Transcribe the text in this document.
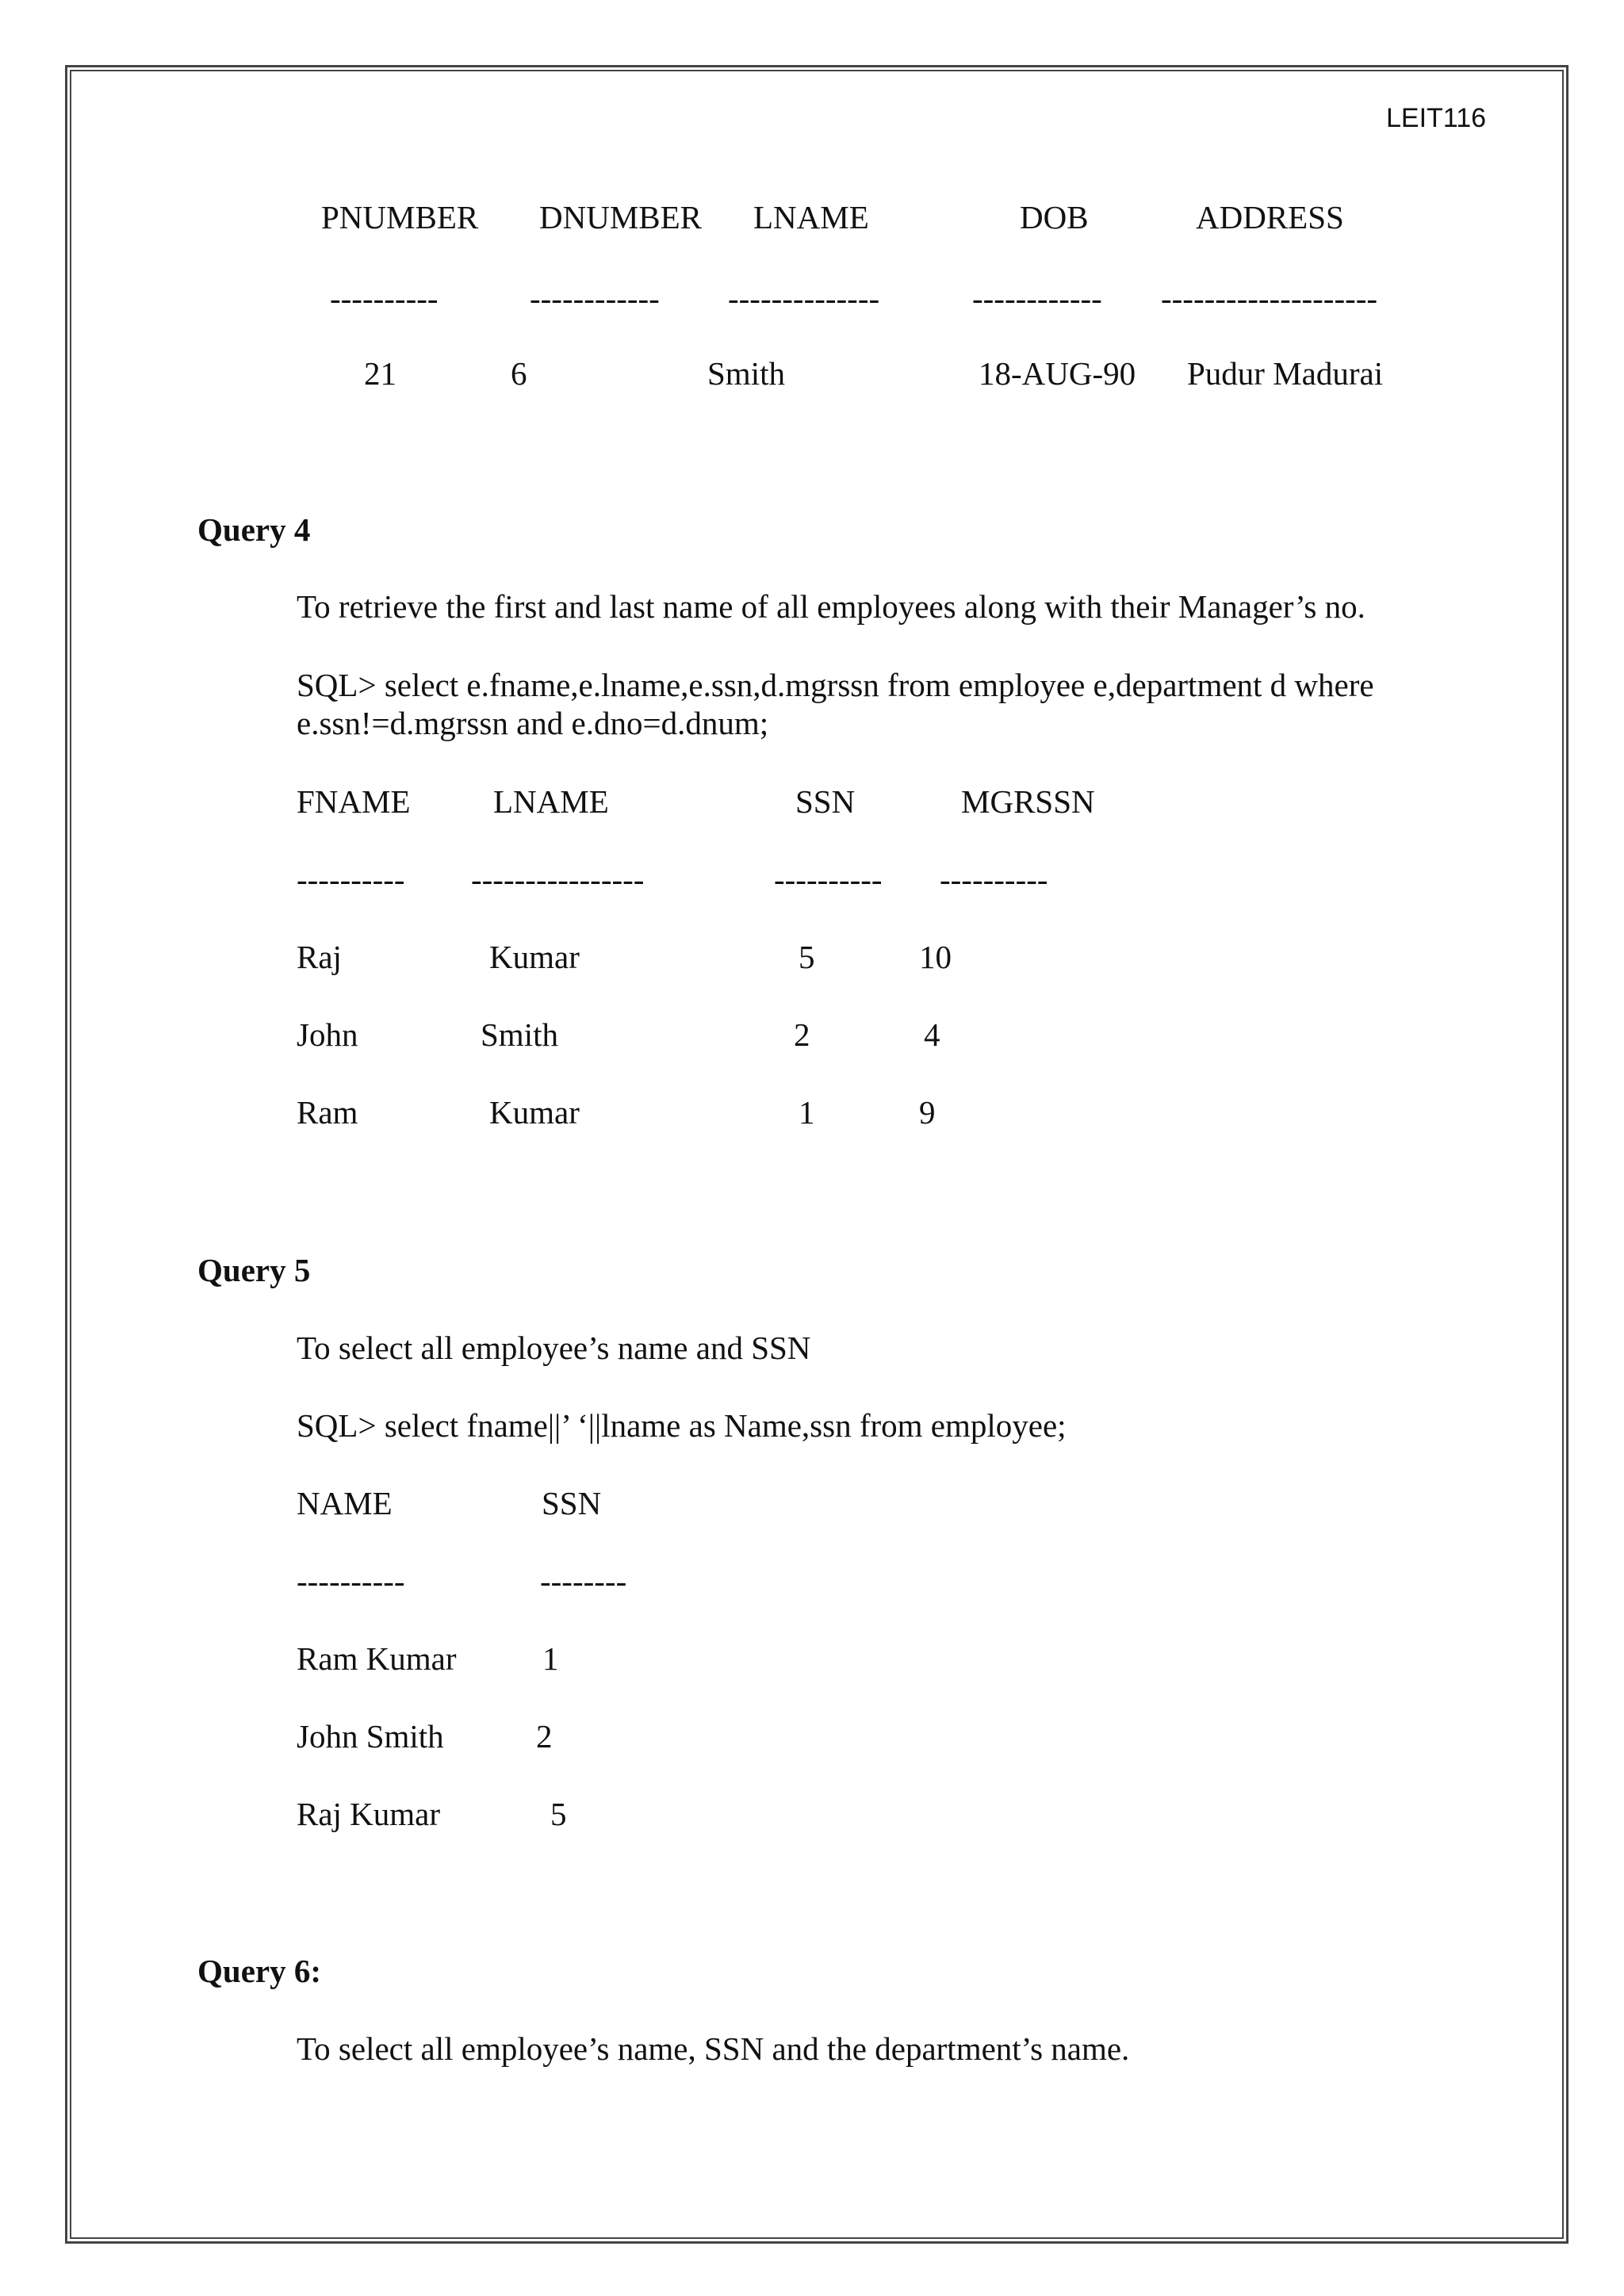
LEIT116
PNUMBER DNUMBER LNAME	DOB	ADDRESS
----------	------------ --------------	------------ --------------------
21	6	Smith	18-AUG-90 Pudur Madurai
Query 4
To retrieve the first and last name of all employees along with their Manager’s no.
SQL> select e.fname,e.lname,e.ssn,d.mgrssn from employee e,department d where
e.ssn!=d.mgrssn and e.dno=d.dnum;
FNAME	LNAME	SSN	MGRSSN
---------- ----------------	---------- ----------
Raj	Kumar	5	10
John	Smith	2	4
Ram	Kumar	1	9
Query 5
To select all employee’s name and SSN
SQL> select fname||’ ‘||lname as Name,ssn from employee;
NAME	SSN
----------	--------
Ram Kumar	1
John Smith	2
Raj Kumar	5
Query 6:
To select all employee’s name, SSN and the department’s name.
